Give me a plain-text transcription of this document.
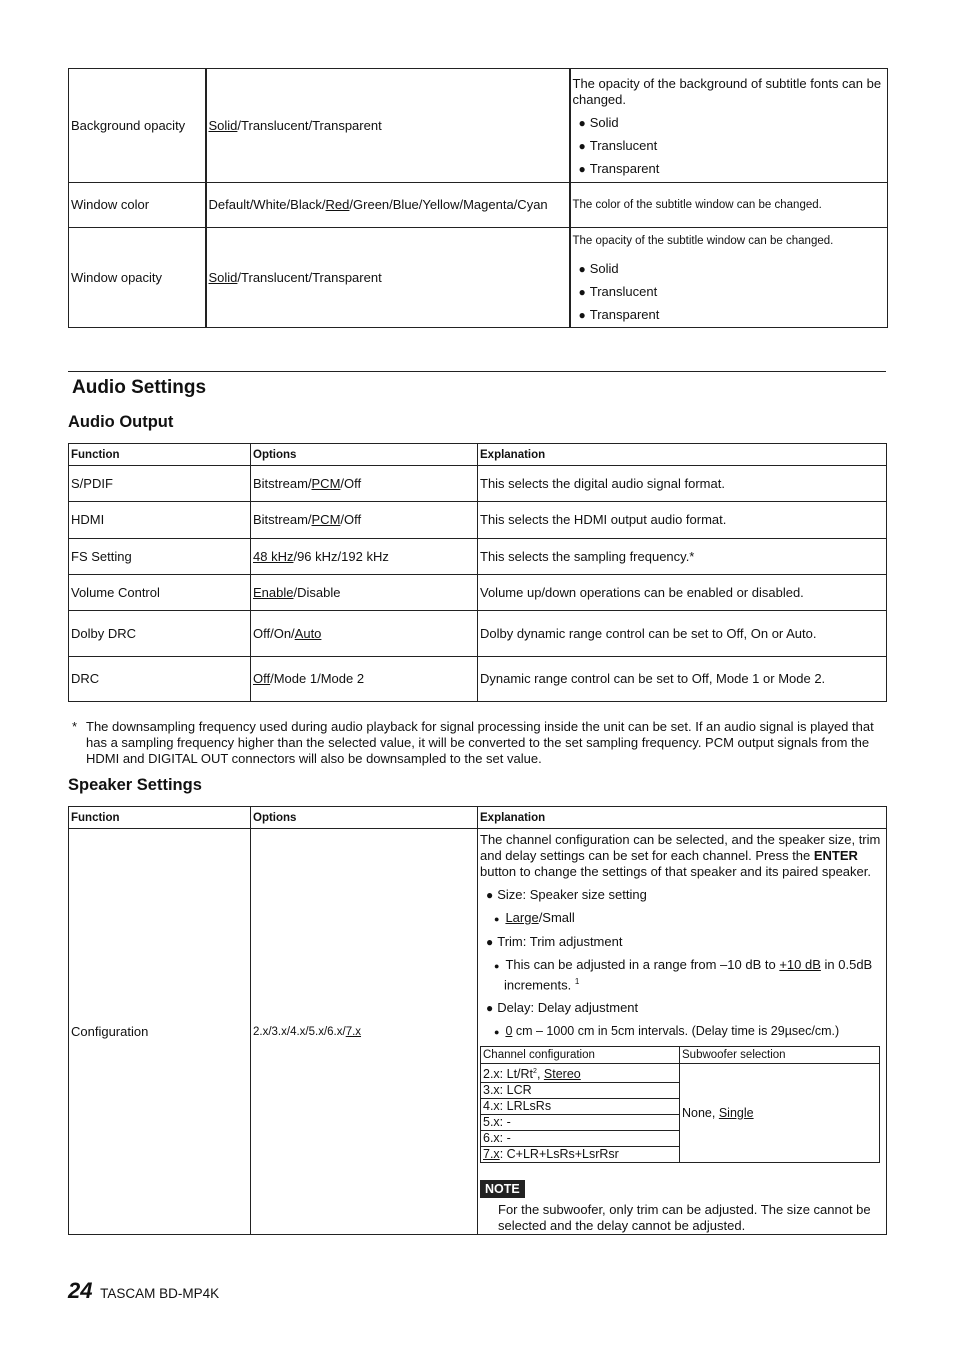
Background opacity	Solid/Translucent/Transparent	The opacity of the background of subtitle fonts can be changed.
● Solid
● Translucent
● Transparent

Window color	Default/White/Black/Red/Green/Blue/Yellow/Magenta/Cyan	The color of the subtitle window can be changed.
Window opacity	Solid/Translucent/Transparent	The opacity of the subtitle window can be changed.
● Solid
● Translucent
● Transparent
Audio Settings
Audio Output
Function	Options	Explanation
S/PDIF	Bitstream/PCM/Off	This selects the digital audio signal format.
HDMI	Bitstream/PCM/Off	This selects the HDMI output audio format.
FS Setting	48 kHz/96 kHz/192 kHz	This selects the sampling frequency.*
Volume Control	Enable/Disable	Volume up/down operations can be enabled or disabled.
Dolby DRC	Off/On/Auto	Dolby dynamic range control can be set to Off, On or Auto.
DRC	Off/Mode 1/Mode 2	Dynamic range control can be set to Off, Mode 1 or Mode 2.
* The downsampling frequency used during audio playback for signal processing inside the unit can be set. If an audio signal is played that has a sampling frequency higher than the selected value, it will be converted to the set sampling frequency. PCM output signals from the HDMI and DIGITAL OUT connectors will also be downsampled to the set value.
Speaker Settings
Function	Options	Explanation
Configuration	2.x/3.x/4.x/5.x/6.x/7.x	
The channel configuration can be selected, and the speaker size, trim and delay settings can be set for each channel. Press the ENTER button to change the settings of that speaker and its paired speaker.
● Size: Speaker size setting
● Large/Small
● Trim: Trim adjustment
● This can be adjusted in a range from –10 dB to +10 dB in 0.5dB increments. $^1$
● Delay: Delay adjustment
● 0 cm – 1000 cm in 5cm intervals. (Delay time is 29µsec/cm.)
Channel configuration	Subwoofer selection
2.x: Lt/Rt$^2$, Stereo	None, Single
3.x: LCR
4.x: LRLsRs
5.x: -
6.x: -
7.x: C+LR+LsRs+LsrRsr
NOTE
For the subwoofer, only trim can be adjusted. The size cannot be selected and the delay cannot be adjusted.
24 TASCAM BD-MP4K
